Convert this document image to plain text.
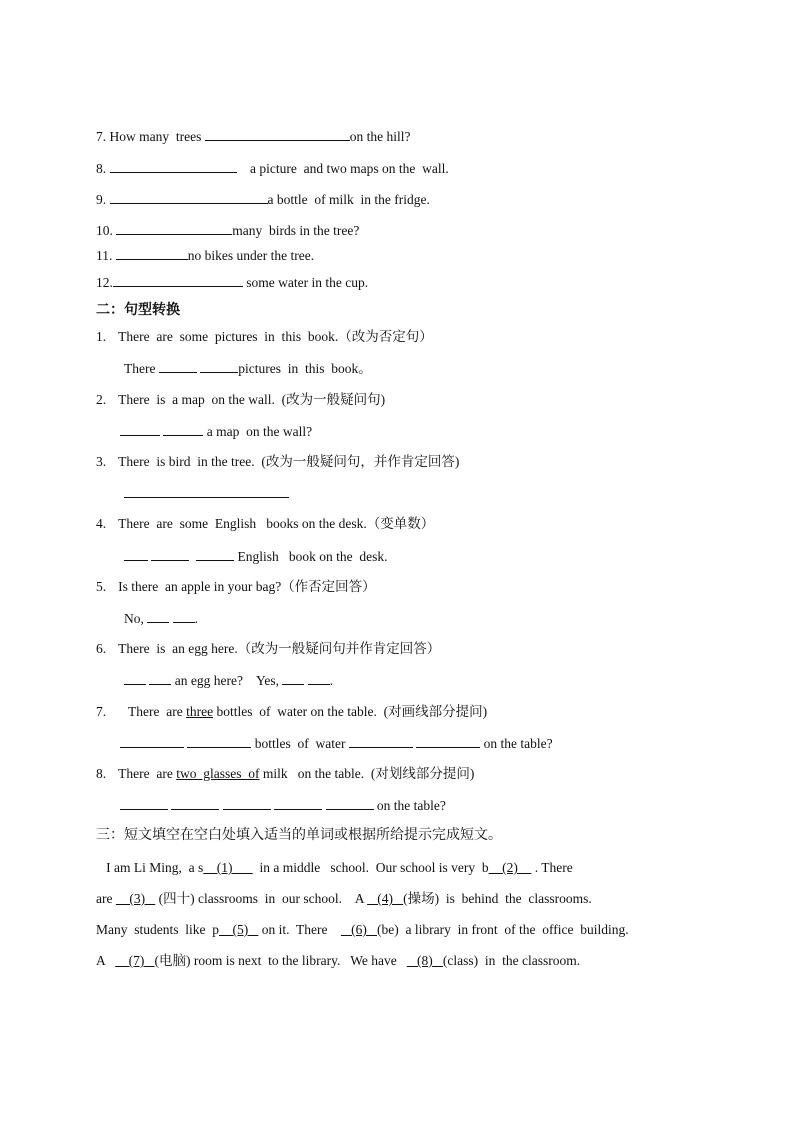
7. How many  trees	on the hill?
8.	a picture  and two maps on the  wall.
9.	a bottle  of milk  in the fridge.
10.	many  birds in the tree?
11.	no bikes under the tree.
12.	some water in the cup.
二：句型转换
1. There  are  some  pictures  in  this  book.（改为否定句）
There	pictures  in  this  book。
2. There  is  a map  on the wall.  (改为一般疑问句)
a map  on the wall?
3. There  is bird  in the tree.  (改为一般疑问句，并作肯定回答)
4. There  are  some  English   books on the desk.（变单数）
English   book on the  desk.
5. Is there  an apple in your bag?（作否定回答）
No,	.
6. There  is  an egg here.（改为一般疑问句并作肯定回答）
an egg here?    Yes,	.
7.   There  are three bottles  of  water on the table.  (对画线部分提问)
bottles  of  water	on the table?
8. There  are two  glasses  of milk   on the table.  (对划线部分提问)
on the table?
三：短文填空在空白处填入适当的单词或根据所给提示完成短文。
I am Li Ming,  a s    (1)        in a middle   school.  Our school is very  b    (2)     . There
are     (3)    (四十) classrooms  in  our school.    A    (4)   (操场)  is  behind  the  classrooms.
Many  students  like  p    (5)    on it.  There       (6)   (be)  a library  in front  of the  office  building.
A       (7)   (电脑) room is next  to the library.   We have      (8)   (class)  in  the classroom.
